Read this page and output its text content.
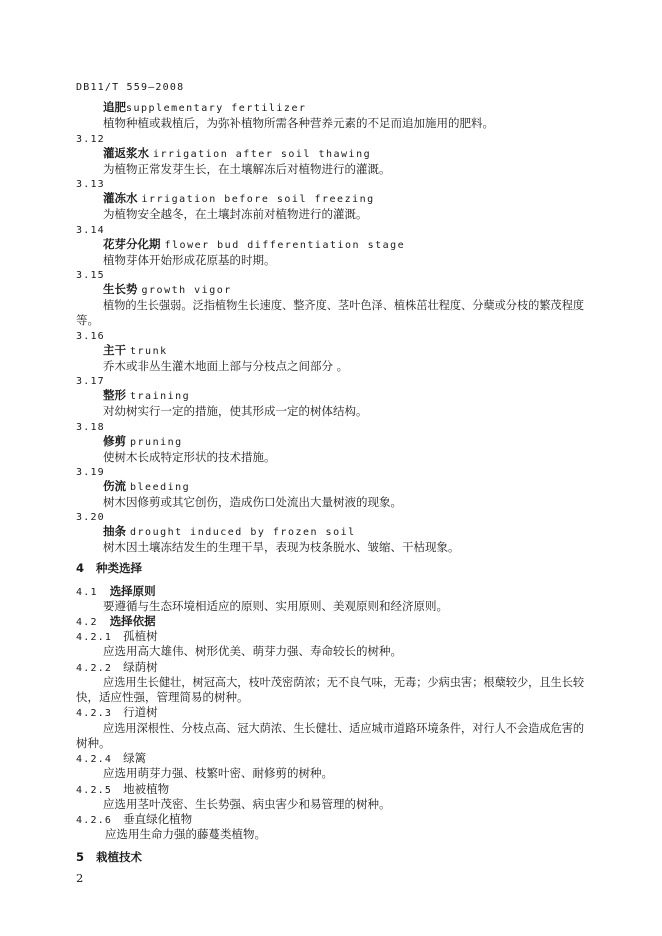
DB11/T 559—2008
追肥supplementary fertilizer
植物种植或栽植后，为弥补植物所需各种营养元素的不足而追加施用的肥料。
3.12
灌返浆水 irrigation after soil thawing
为植物正常发芽生长，在土壤解冻后对植物进行的灌溉。
3.13
灌冻水 irrigation before soil freezing
为植物安全越冬，在土壤封冻前对植物进行的灌溉。
3.14
花芽分化期 flower bud differentiation stage
植物芽体开始形成花原基的时期。
3.15
生长势 growth vigor
植物的生长强弱。泛指植物生长速度、整齐度、茎叶色泽、植株茁壮程度、分蘖或分枝的繁茂程度
等。
3.16
主干 trunk
乔木或非丛生灌木地面上部与分枝点之间部分 。
3.17
整形 training
对幼树实行一定的措施，使其形成一定的树体结构。
3.18
修剪 pruning
使树木长成特定形状的技术措施。
3.19
伤流 bleeding
树木因修剪或其它创伤，造成伤口处流出大量树液的现象。
3.20
抽条 drought induced by frozen soil
树木因土壤冻结发生的生理干旱，表现为枝条脱水、皱缩、干枯现象。
4 种类选择
4.1 选择原则
要遵循与生态环境相适应的原则、实用原则、美观原则和经济原则。
4.2 选择依据
4.2.1 孤植树
应选用高大雄伟、树形优美、萌芽力强、寿命较长的树种。
4.2.2 绿荫树
应选用生长健壮，树冠高大，枝叶茂密荫浓；无不良气味，无毒；少病虫害；根蘖较少，且生长较
快，适应性强，管理简易的树种。
4.2.3 行道树
应选用深根性、分枝点高、冠大荫浓、生长健壮、适应城市道路环境条件，对行人不会造成危害的
树种。
4.2.4 绿篱
应选用萌芽力强、枝繁叶密、耐修剪的树种。
4.2.5 地被植物
应选用茎叶茂密、生长势强、病虫害少和易管理的树种。
4.2.6 垂直绿化植物
应选用生命力强的藤蔓类植物。
5 栽植技术
2
